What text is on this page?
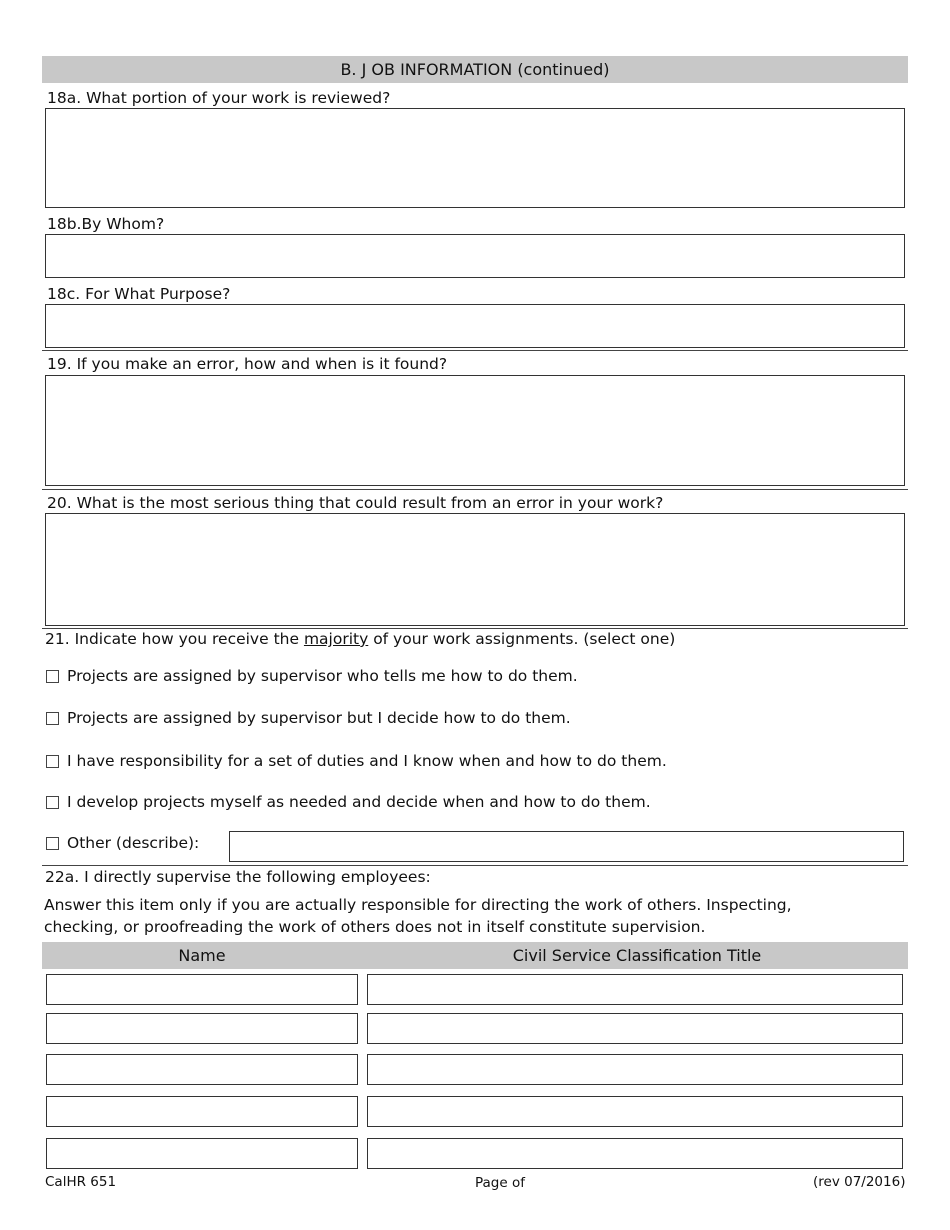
B. J OB INFORMATION (continued)
18a. What portion of your work is reviewed?
18b.By Whom?
18c. For What Purpose?
19. If you make an error, how and when is it found?
20. What is the most serious thing that could result from an error in your work?
21. Indicate how you receive the majority of your work assignments. (select one)
Projects are assigned by supervisor who tells me how to do them.
Projects are assigned by supervisor but I decide how to do them.
I have responsibility for a set of duties and I know when and how to do them.
I develop projects myself as needed and decide when and how to do them.
Other (describe):
22a. I directly supervise the following employees:
Answer this item only if you are actually responsible for directing the work of others. Inspecting,
checking, or proofreading the work of others does not in itself constitute supervision.
Name	Civil Service Classification Title
CalHR 651	Page of	(rev 07/2016)
